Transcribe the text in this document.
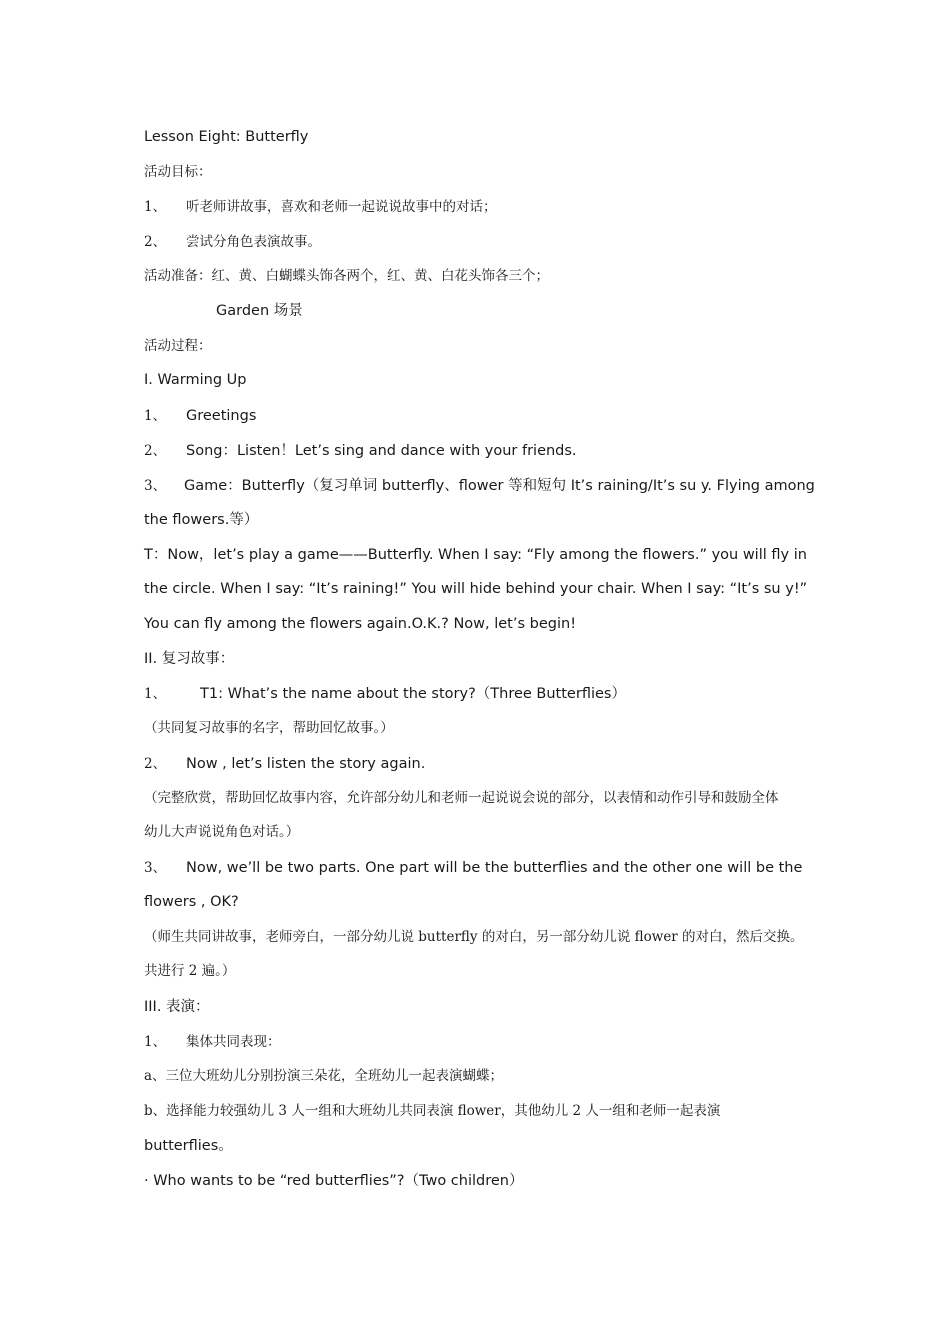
Lesson Eight: Butterfly
活动目标：
1、 听老师讲故事，喜欢和老师一起说说故事中的对话；
2、 尝试分角色表演故事。
活动准备：红、黄、白蝴蝶头饰各两个，红、黄、白花头饰各三个；
Garden 场景
活动过程：
I. Warming Up
1、 Greetings
2、 Song：Listen！Let’s sing and dance with your friends.
3、 Game：Butterfly（复习单词 butterfly、flower 等和短句 It’s raining/It’s su y. Flying among
the flowers.等）
T：Now，let’s play a game——Butterfly. When I say: “Fly among the flowers.” you will fly in
the circle. When I say: “It’s raining!” You will hide behind your chair. When I say: “It’s su y!”
You can fly among the flowers again.O.K.? Now, let’s begin!
II. 复习故事：
1、 T1: What’s the name about the story?（Three Butterflies）
（共同复习故事的名字，帮助回忆故事。）
2、 Now , let’s listen the story again.
（完整欣赏，帮助回忆故事内容，允许部分幼儿和老师一起说说会说的部分，以表情和动作引导和鼓励全体
幼儿大声说说角色对话。）
3、 Now, we’ll be two parts. One part will be the butterflies and the other one will be the
flowers , OK?
（师生共同讲故事，老师旁白，一部分幼儿说 butterfly 的对白，另一部分幼儿说 flower 的对白，然后交换。
共进行 2 遍。）
III. 表演：
1、 集体共同表现：
a、三位大班幼儿分别扮演三朵花，全班幼儿一起表演蝴蝶；
b、选择能力较强幼儿 3 人一组和大班幼儿共同表演 flower，其他幼儿 2 人一组和老师一起表演
butterflies。
· Who wants to be “red butterflies”?（Two children）
